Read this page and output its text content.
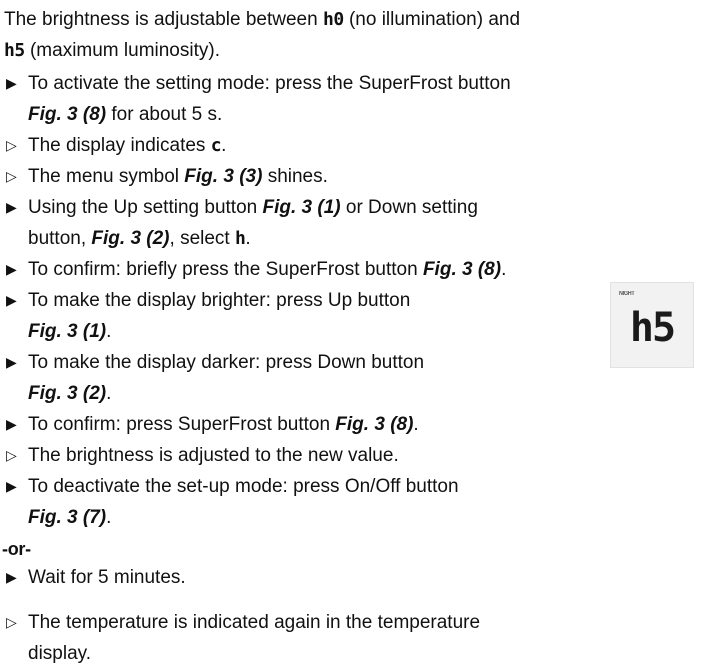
The brightness is adjustable between h0 (no illumination) and
h5 (maximum luminosity).
▶
To activate the setting mode: press the SuperFrost button
Fig. 3 (8) for about 5 s.
▷
The display indicates c.
▷
The menu symbol Fig. 3 (3) shines.
▶
Using the Up setting button Fig. 3 (1) or Down setting
button, Fig. 3 (2), select h.
▶
To confirm: briefly press the SuperFrost button Fig. 3 (8).
▶
To make the display brighter: press Up button
Fig. 3 (1).
▶
To make the display darker: press Down button
Fig. 3 (2).
▶
To confirm: press SuperFrost button Fig. 3 (8).
▷
The brightness is adjusted to the new value.
▶
To deactivate the set-up mode: press On/Off button
Fig. 3 (7).
-or-
▶
Wait for 5 minutes.
▷
The temperature is indicated again in the temperature
display.
NIGHT
h5
